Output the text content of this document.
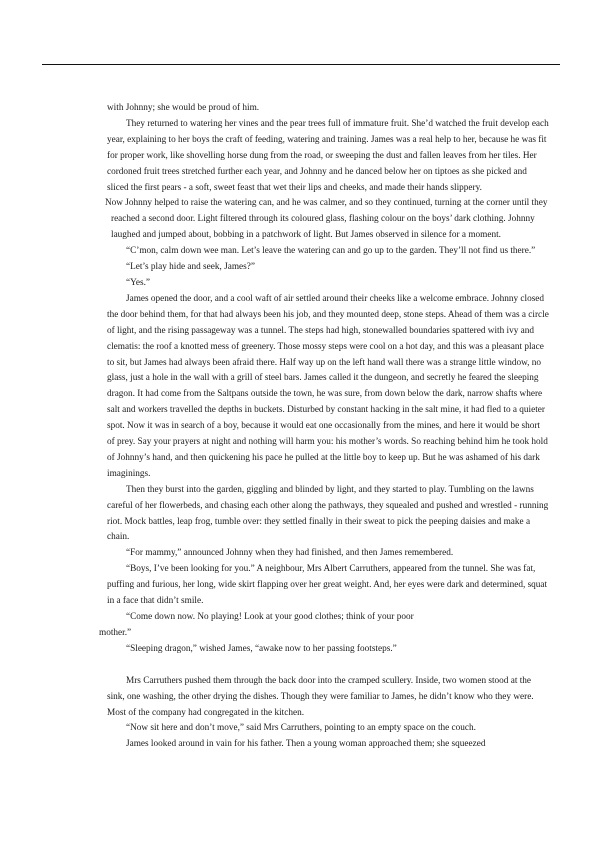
with Johnny; she would be proud of him.

They returned to watering her vines and the pear trees full of immature fruit. She’d watched the fruit develop each year, explaining to her boys the craft of feeding, watering and training. James was a real help to her, because he was fit for proper work, like shovelling horse dung from the road, or sweeping the dust and fallen leaves from her tiles. Her cordoned fruit trees stretched further each year, and Johnny and he danced below her on tiptoes as she picked and sliced the first pears - a soft, sweet feast that wet their lips and cheeks, and made their hands slippery.

Now Johnny helped to raise the watering can, and he was calmer, and so they continued, turning at the corner until they reached a second door. Light filtered through its coloured glass, flashing colour on the boys’ dark clothing. Johnny laughed and jumped about, bobbing in a patchwork of light. But James observed in silence for a moment.

“C’mon, calm down wee man. Let’s leave the watering can and go up to the garden. They’ll not find us there.”

“Let’s play hide and seek, James?”

“Yes.”

James opened the door, and a cool waft of air settled around their cheeks like a welcome embrace. Johnny closed the door behind them, for that had always been his job, and they mounted deep, stone steps. Ahead of them was a circle of light, and the rising passageway was a tunnel. The steps had high, stonewalled boundaries spattered with ivy and clematis: the roof a knotted mess of greenery. Those mossy steps were cool on a hot day, and this was a pleasant place to sit, but James had always been afraid there. Half way up on the left hand wall there was a strange little window, no glass, just a hole in the wall with a grill of steel bars. James called it the dungeon, and secretly he feared the sleeping dragon. It had come from the Saltpans outside the town, he was sure, from down below the dark, narrow shafts where salt and workers travelled the depths in buckets. Disturbed by constant hacking in the salt mine, it had fled to a quieter spot. Now it was in search of a boy, because it would eat one occasionally from the mines, and here it would be short of prey. Say your prayers at night and nothing will harm you: his mother’s words. So reaching behind him he took hold of Johnny’s hand, and then quickening his pace he pulled at the little boy to keep up. But he was ashamed of his dark imaginings.

Then they burst into the garden, giggling and blinded by light, and they started to play. Tumbling on the lawns careful of her flowerbeds, and chasing each other along the pathways, they squealed and pushed and wrestled - running riot. Mock battles, leap frog, tumble over: they settled finally in their sweat to pick the peeping daisies and make a chain.

“For mammy,” announced Johnny when they had finished, and then James remembered.

“Boys, I’ve been looking for you.” A neighbour, Mrs Albert Carruthers, appeared from the tunnel. She was fat, puffing and furious, her long, wide skirt flapping over her great weight. And, her eyes were dark and determined, squat in a face that didn’t smile.

“Come down now. No playing! Look at your good clothes; think of your poor

mother.”

“Sleeping dragon,” wished James, “awake now to her passing footsteps.”

Mrs Carruthers pushed them through the back door into the cramped scullery. Inside, two women stood at the sink, one washing, the other drying the dishes. Though they were familiar to James, he didn’t know who they were. Most of the company had congregated in the kitchen.

“Now sit here and don’t move,” said Mrs Carruthers, pointing to an empty space on the couch.

James looked around in vain for his father. Then a young woman approached them; she squeezed
